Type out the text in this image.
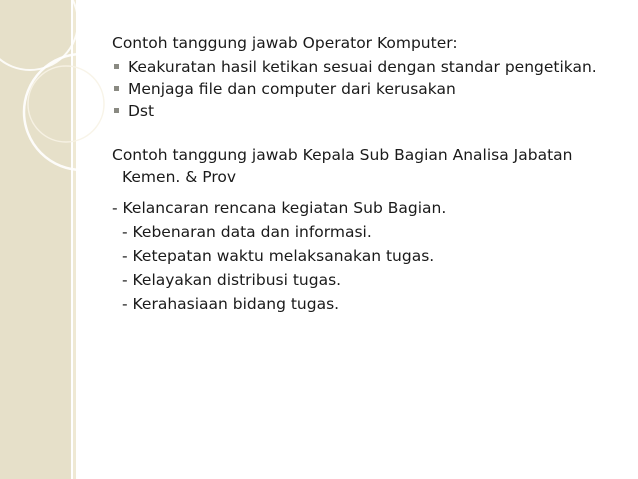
Contoh tanggung jawab Operator Komputer:

Keakuratan hasil ketikan sesuai dengan standar pengetikan.
Menjaga file dan computer dari kerusakan
Dst

Contoh tanggung jawab Kepala Sub Bagian Analisa Jabatan Kemen. & Prov

- Kelancaran rencana kegiatan Sub Bagian.
- Kebenaran data dan informasi.
- Ketepatan waktu melaksanakan tugas.
- Kelayakan distribusi tugas.
- Kerahasiaan bidang tugas.
